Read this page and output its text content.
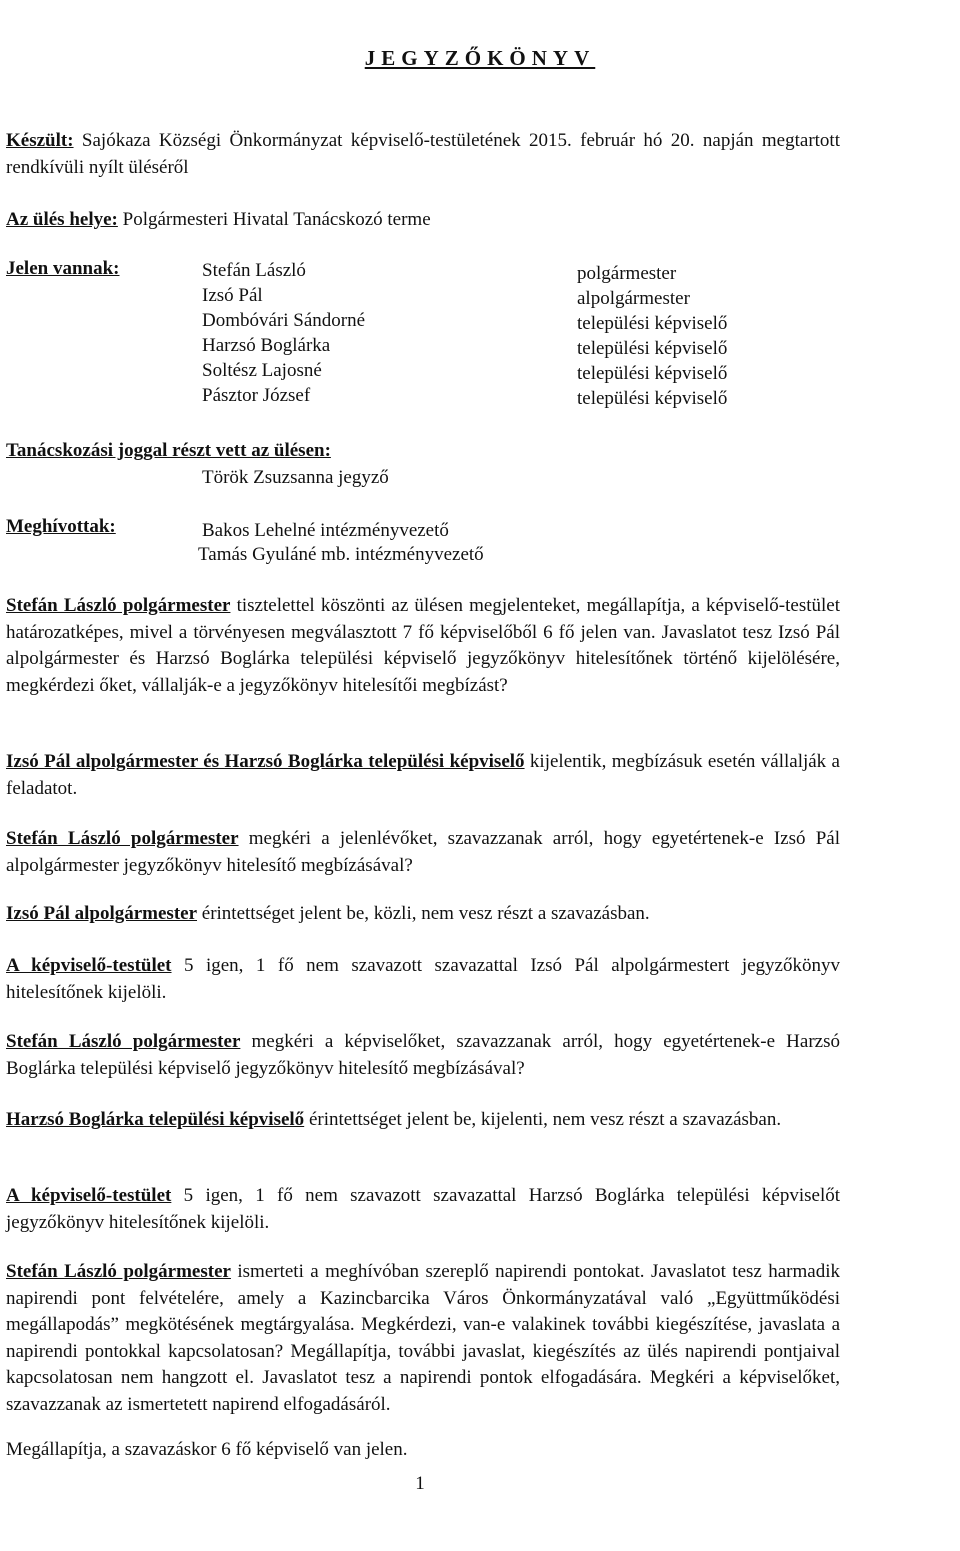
JEGYZŐKÖNYV

Készült: Sajókaza Községi Önkormányzat képviselő-testületének 2015. február hó 20. napján megtartott rendkívüli nyílt üléséről

Az ülés helye: Polgármesteri Hivatal Tanácskozó terme

Jelen vannak:	Stefán László
Izsó Pál
Dombóvári Sándorné
Harzsó Boglárka
Soltész Lajosné
Pásztor József
polgármester
alpolgármester
települési képviselő
települési képviselő
települési képviselő
települési képviselő
Tanácskozási joggal részt vett az ülésen:
Török Zsuzsanna jegyző
Meghívottak:	Bakos Lehelné intézményvezető
Tamás Gyuláné mb. intézményvezető

Stefán László polgármester tisztelettel köszönti az ülésen megjelenteket, megállapítja, a képviselő-testület határozatképes, mivel a törvényesen megválasztott 7 fő képviselőből 6 fő jelen van. Javaslatot tesz Izsó Pál alpolgármester és Harzsó Boglárka települési képviselő jegyzőkönyv hitelesítőnek történő kijelölésére, megkérdezi őket, vállalják-e a jegyzőkönyv hitelesítői megbízást?

Izsó Pál alpolgármester és Harzsó Boglárka települési képviselő kijelentik, megbízásuk esetén vállalják a feladatot.

Stefán László polgármester megkéri a jelenlévőket, szavazzanak arról, hogy egyetértenek-e Izsó Pál alpolgármester jegyzőkönyv hitelesítő megbízásával?

Izsó Pál alpolgármester érintettséget jelent be, közli, nem vesz részt a szavazásban.

A képviselő-testület 5 igen, 1 fő nem szavazott szavazattal Izsó Pál alpolgármestert jegyzőkönyv hitelesítőnek kijelöli.

Stefán László polgármester megkéri a képviselőket, szavazzanak arról, hogy egyetértenek-e Harzsó Boglárka települési képviselő jegyzőkönyv hitelesítő megbízásával?

Harzsó Boglárka települési képviselő érintettséget jelent be, kijelenti, nem vesz részt a szavazásban.

A képviselő-testület 5 igen, 1 fő nem szavazott szavazattal Harzsó Boglárka települési képviselőt jegyzőkönyv hitelesítőnek kijelöli.

Stefán László polgármester ismerteti a meghívóban szereplő napirendi pontokat. Javaslatot tesz harmadik napirendi pont felvételére, amely a Kazincbarcika Város Önkormányzatával való „Együttműködési megállapodás” megkötésének megtárgyalása. Megkérdezi, van-e valakinek további kiegészítése, javaslata a napirendi pontokkal kapcsolatosan? Megállapítja, további javaslat, kiegészítés az ülés napirendi pontjaival kapcsolatosan nem hangzott el. Javaslatot tesz a napirendi pontok elfogadására. Megkéri a képviselőket, szavazzanak az ismertetett napirend elfogadásáról.

Megállapítja, a szavazáskor 6 fő képviselő van jelen.

1
